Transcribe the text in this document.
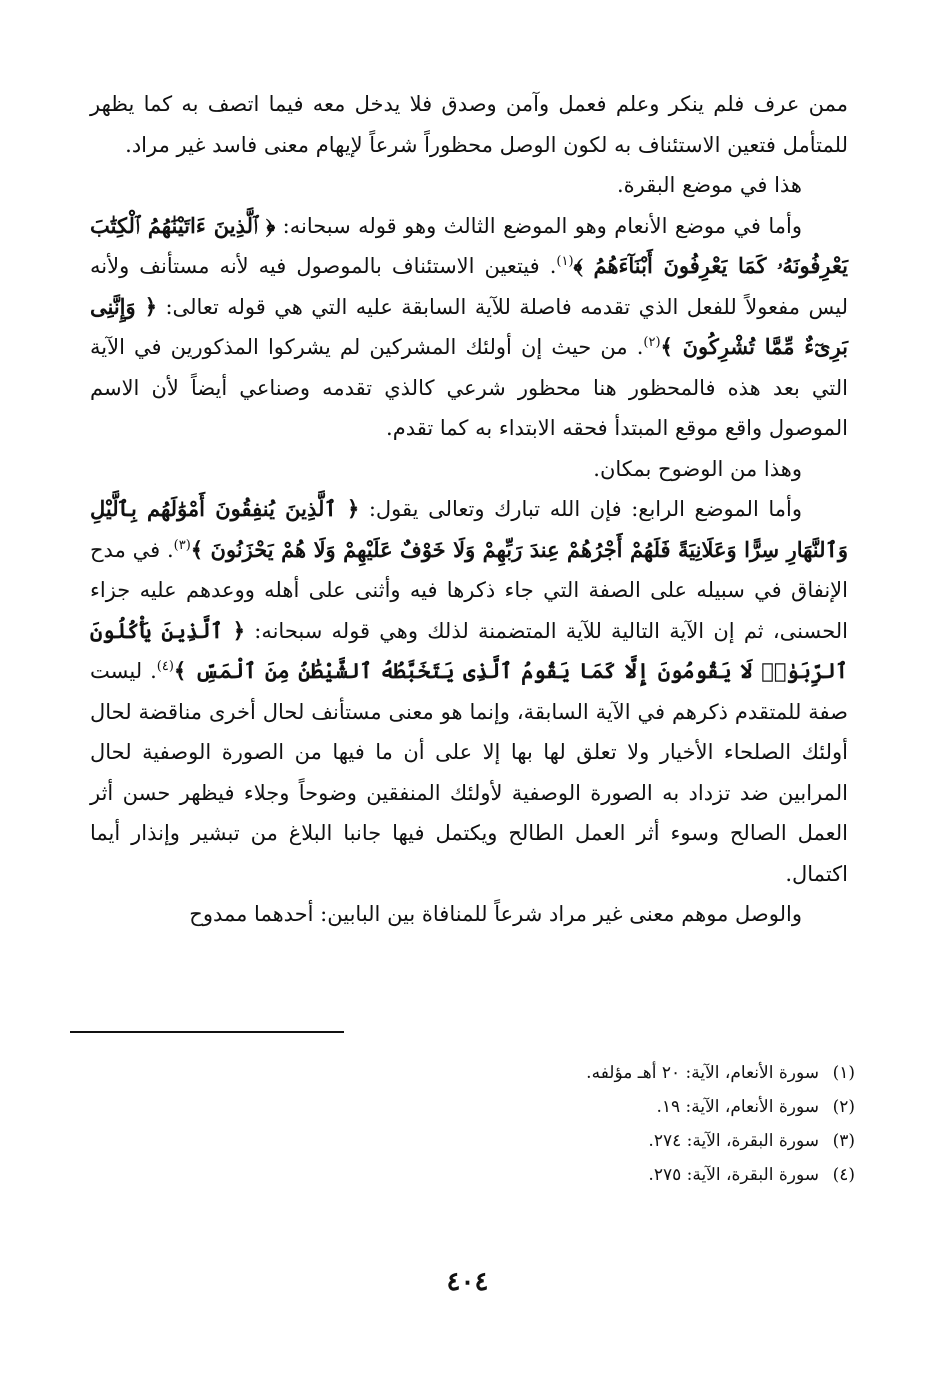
ممن عرف فلم ينكر وعلم فعمل وآمن وصدق فلا يدخل معه فيما اتصف به كما يظهر للمتأمل فتعين الاستئناف به لكون الوصل محظوراً شرعاً لإيهام معنى فاسد غير مراد.

هذا في موضع البقرة.

وأما في موضع الأنعام وهو الموضع الثالث وهو قوله سبحانه: ﴿ ٱلَّذِينَ ءَاتَيْنَٰهُمُ ٱلْكِتَٰبَ يَعْرِفُونَهُۥ كَمَا يَعْرِفُونَ أَبْنَآءَهُمُ ﴾$^{(١)}$. فيتعين الاستئناف بالموصول فيه لأنه مستأنف ولأنه ليس مفعولاً للفعل الذي تقدمه فاصلة للآية السابقة عليه التي هي قوله تعالى: ﴿ وَإِنَّنِى بَرِىٓءٌ مِّمَّا تُشْرِكُونَ ﴾$^{(٢)}$. من حيث إن أولئك المشركين لم يشركوا المذكورين في الآية التي بعد هذه فالمحظور هنا محظور شرعي كالذي تقدمه وصناعي أيضاً لأن الاسم الموصول واقع موقع المبتدأ فحقه الابتداء به كما تقدم.

وهذا من الوضوح بمكان.

وأما الموضع الرابع: فإن الله تبارك وتعالى يقول: ﴿ ٱلَّذِينَ يُنفِقُونَ أَمْوَٰلَهُم بِٱلَّيْلِ وَٱلنَّهَارِ سِرًّا وَعَلَانِيَةً فَلَهُمْ أَجْرُهُمْ عِندَ رَبِّهِمْ وَلَا خَوْفٌ عَلَيْهِمْ وَلَا هُمْ يَحْزَنُونَ ﴾$^{(٣)}$. في مدح الإنفاق في سبيله على الصفة التي جاء ذكرها فيه وأثنى على أهله ووعدهم عليه جزاء الحسنى، ثم إن الآية التالية للآية المتضمنة لذلك وهي قوله سبحانه: ﴿ ٱلَّذِينَ يَأْكُلُونَ ٱلرِّبَوٰا۟ لَا يَقُومُونَ إِلَّا كَمَا يَقُومُ ٱلَّذِى يَتَخَبَّطُهُ ٱلشَّيْطَٰنُ مِنَ ٱلْمَسِّ ﴾$^{(٤)}$. ليست صفة للمتقدم ذكرهم في الآية السابقة، وإنما هو معنى مستأنف لحال أخرى مناقضة لحال أولئك الصلحاء الأخيار ولا تعلق لها بها إلا على أن ما فيها من الصورة الوصفية لحال المرابين ضد تزداد به الصورة الوصفية لأولئك المنفقين وضوحاً وجلاء فيظهر حسن أثر العمل الصالح وسوء أثر العمل الطالح ويكتمل فيها جانبا البلاغ من تبشير وإنذار أيما اكتمال.

والوصل موهم معنى غير مراد شرعاً للمنافاة بين البابين: أحدهما ممدوح

(١)
سورة الأنعام، الآية: ٢٠ أهـ مؤلفه.
(٢)
سورة الأنعام، الآية: ١٩.
(٣)
سورة البقرة، الآية: ٢٧٤.
(٤)
سورة البقرة، الآية: ٢٧٥.
٤٠٤
